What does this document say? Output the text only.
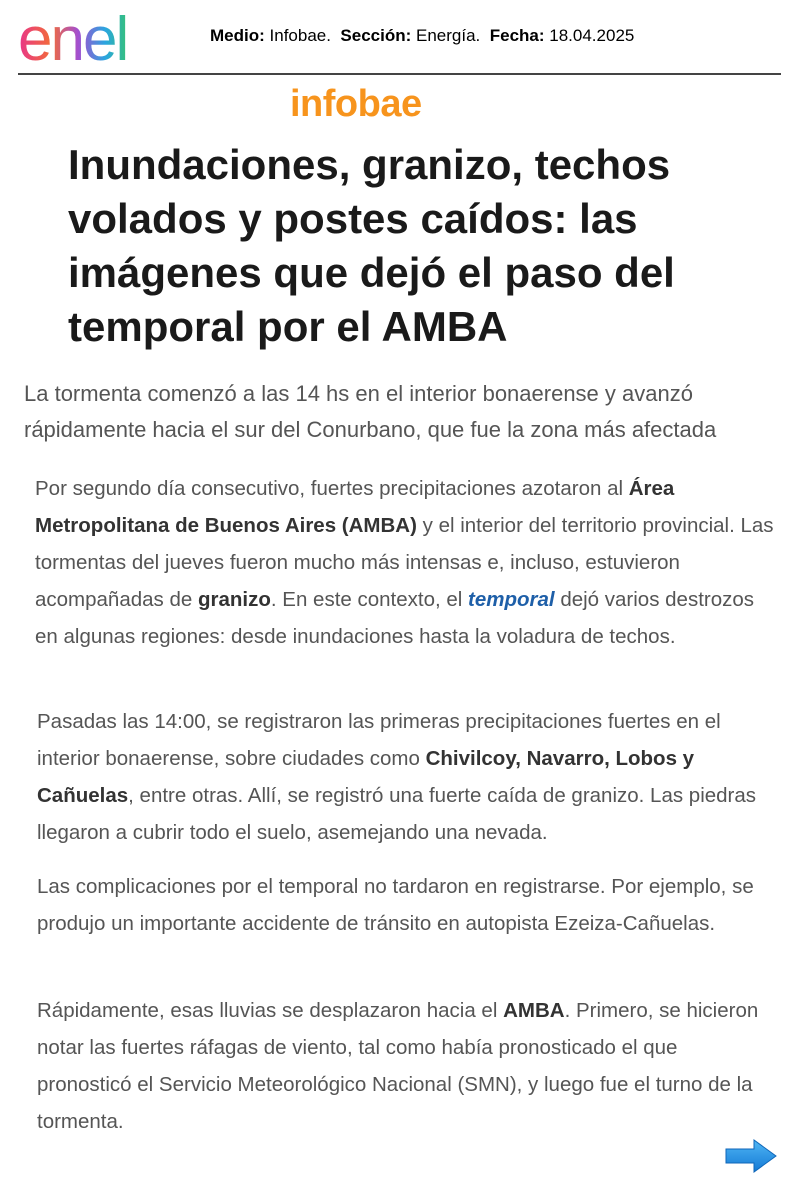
enel	Medio: Infobae. Sección: Energía. Fecha: 18.04.2025
infobae
Inundaciones, granizo, techos volados y postes caídos: las imágenes que dejó el paso del temporal por el AMBA

La tormenta comenzó a las 14 hs en el interior bonaerense y avanzó rápidamente hacia el sur del Conurbano, que fue la zona más afectada

Por segundo día consecutivo, fuertes precipitaciones azotaron al Área Metropolitana de Buenos Aires (AMBA) y el interior del territorio provincial. Las tormentas del jueves fueron mucho más intensas e, incluso, estuvieron acompañadas de granizo. En este contexto, el temporal dejó varios destrozos en algunas regiones: desde inundaciones hasta la voladura de techos.

Pasadas las 14:00, se registraron las primeras precipitaciones fuertes en el interior bonaerense, sobre ciudades como Chivilcoy, Navarro, Lobos y Cañuelas, entre otras. Allí, se registró una fuerte caída de granizo. Las piedras llegaron a cubrir todo el suelo, asemejando una nevada.

Las complicaciones por el temporal no tardaron en registrarse. Por ejemplo, se produjo un importante accidente de tránsito en autopista Ezeiza-Cañuelas.

Rápidamente, esas lluvias se desplazaron hacia el AMBA. Primero, se hicieron notar las fuertes ráfagas de viento, tal como había pronosticado el que pronosticó el Servicio Meteorológico Nacional (SMN), y luego fue el turno de la tormenta.
